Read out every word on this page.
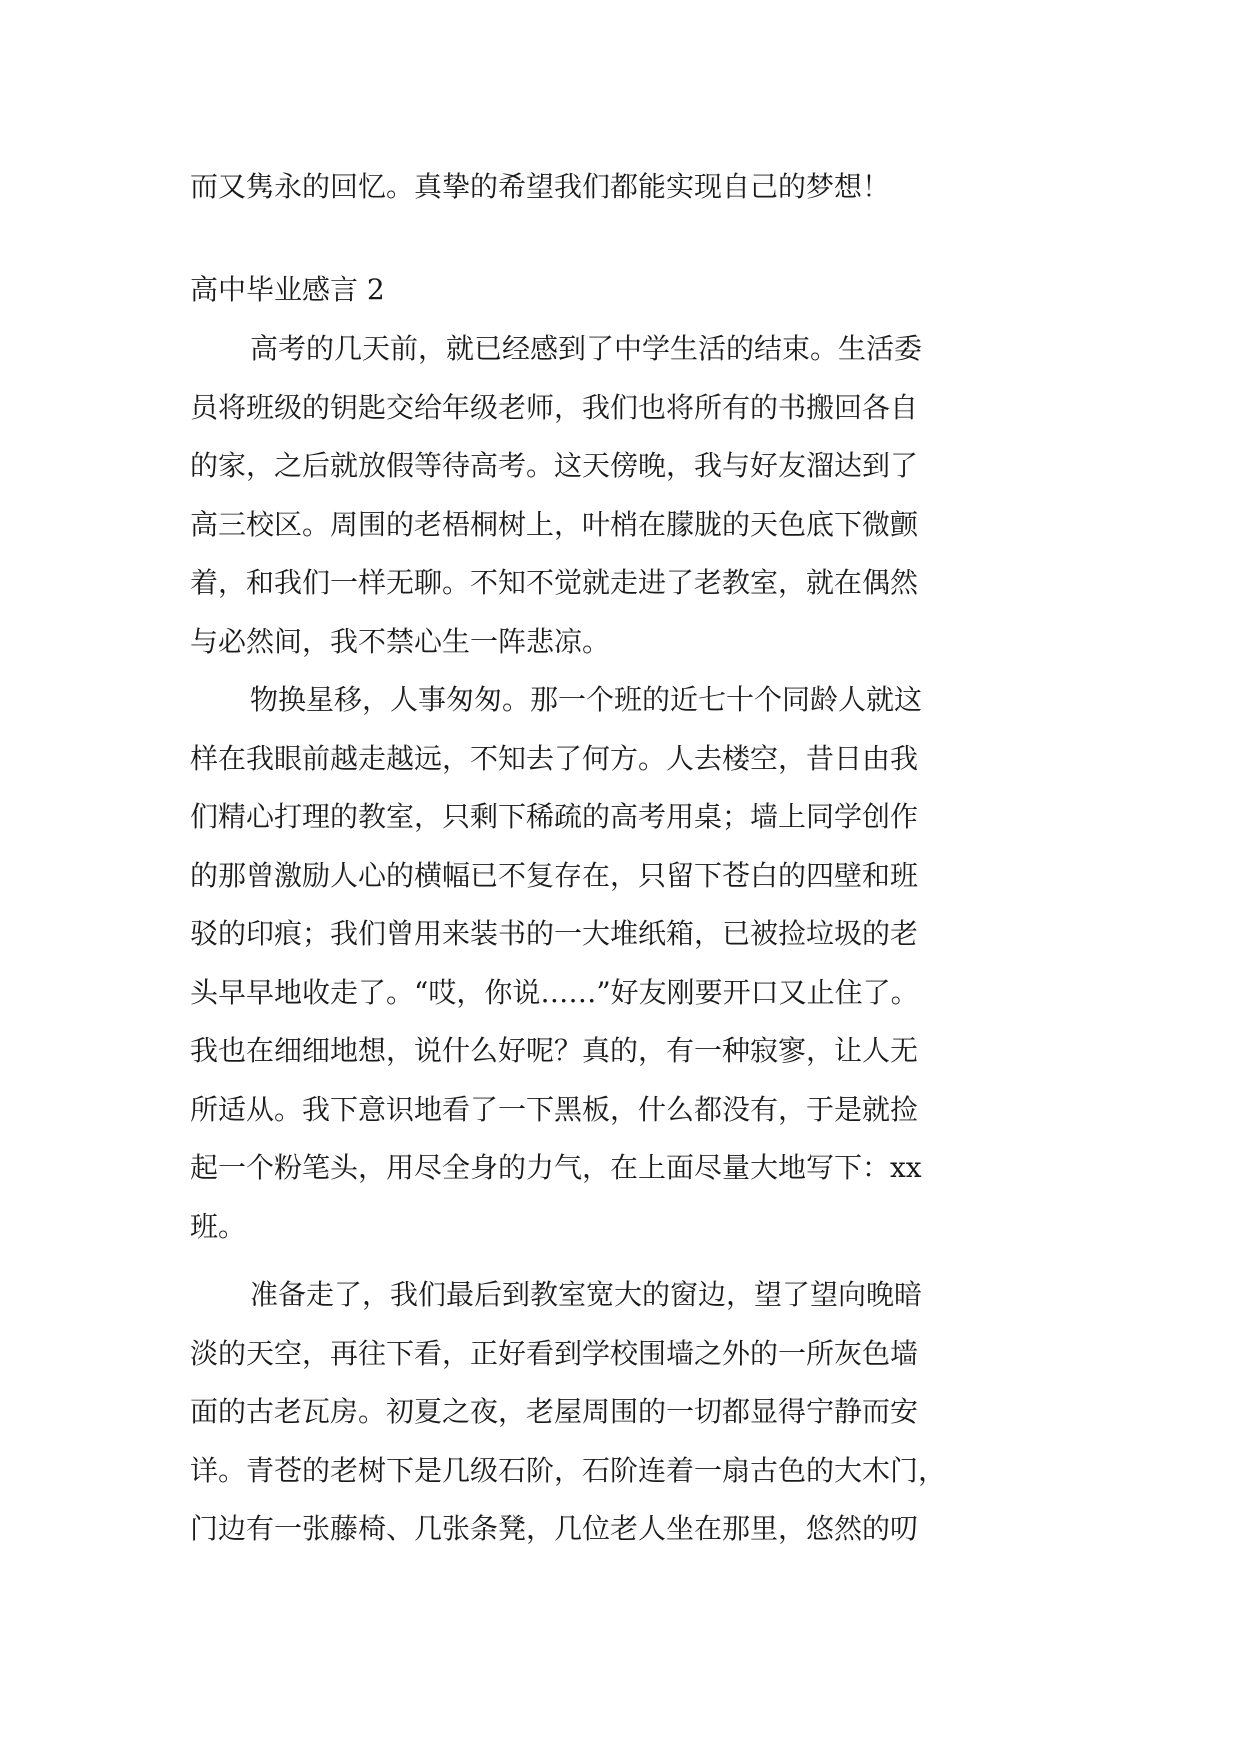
而又隽永的回忆。真挚的希望我们都能实现自己的梦想！
高中毕业感言 2
高考的几天前，就已经感到了中学生活的结束。生活委
员将班级的钥匙交给年级老师，我们也将所有的书搬回各自
的家，之后就放假等待高考。这天傍晚，我与好友溜达到了
高三校区。周围的老梧桐树上，叶梢在朦胧的天色底下微颤
着，和我们一样无聊。不知不觉就走进了老教室，就在偶然
与必然间，我不禁心生一阵悲凉。
物换星移，人事匆匆。那一个班的近七十个同龄人就这
样在我眼前越走越远，不知去了何方。人去楼空，昔日由我
们精心打理的教室，只剩下稀疏的高考用桌；墙上同学创作
的那曾激励人心的横幅已不复存在，只留下苍白的四壁和班
驳的印痕；我们曾用来装书的一大堆纸箱，已被捡垃圾的老
头早早地收走了。“哎，你说……”好友刚要开口又止住了。
我也在细细地想，说什么好呢？真的，有一种寂寥，让人无
所适从。我下意识地看了一下黑板，什么都没有，于是就捡
起一个粉笔头，用尽全身的力气，在上面尽量大地写下：xx
班。
准备走了，我们最后到教室宽大的窗边，望了望向晚暗
淡的天空，再往下看，正好看到学校围墙之外的一所灰色墙
面的古老瓦房。初夏之夜，老屋周围的一切都显得宁静而安
详。青苍的老树下是几级石阶，石阶连着一扇古色的大木门，
门边有一张藤椅、几张条凳，几位老人坐在那里，悠然的叨
